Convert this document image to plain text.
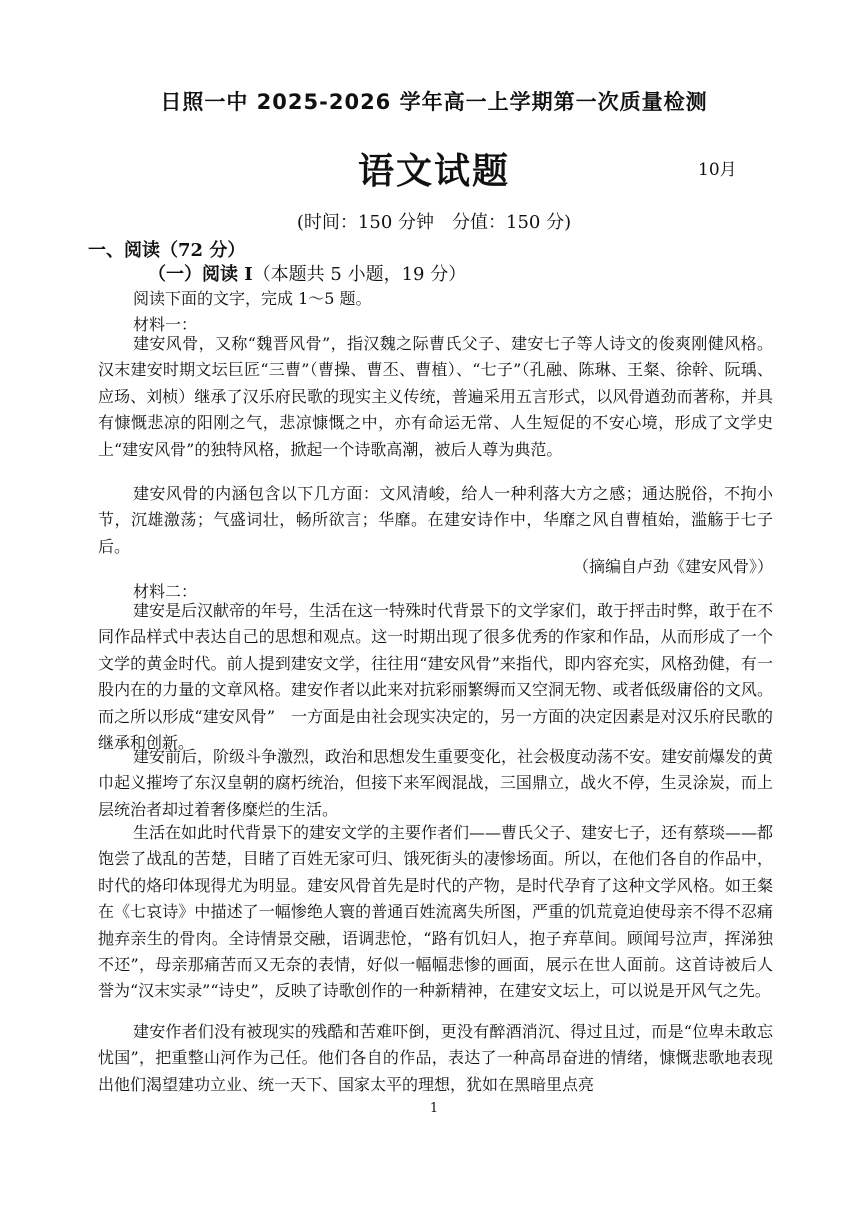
日照一中 2025-2026 学年高一上学期第一次质量检测
语文试题	10月
(时间：150 分钟　分值：150 分)
一、阅读（72 分）
（一）阅读 I（本题共 5 小题，19 分）
阅读下面的文字，完成 1～5 题。
材料一：

建安风骨，又称“魏晋风骨”，指汉魏之际曹氏父子、建安七子等人诗文的俊爽刚健风格。汉末建安时期文坛巨匠“三曹”（曹操、曹丕、曹植）、“七子”（孔融、陈琳、王粲、徐幹、阮瑀、应玚、刘桢）继承了汉乐府民歌的现实主义传统，普遍采用五言形式，以风骨遒劲而著称，并具有慷慨悲凉的阳刚之气，悲凉慷慨之中，亦有命运无常、人生短促的不安心境，形成了文学史上“建安风骨”的独特风格，掀起一个诗歌高潮，被后人尊为典范。

建安风骨的内涵包含以下几方面：文风清峻，给人一种利落大方之感；通达脱俗，不拘小节，沉雄激荡；气盛词壮，畅所欲言；华靡。在建安诗作中，华靡之风自曹植始，滥觞于七子后。

（摘编自卢劲《建安风骨》）
材料二：

建安是后汉献帝的年号，生活在这一特殊时代背景下的文学家们，敢于抨击时弊，敢于在不同作品样式中表达自己的思想和观点。这一时期出现了很多优秀的作家和作品，从而形成了一个文学的黄金时代。前人提到建安文学，往往用“建安风骨”来指代，即内容充实，风格劲健，有一股内在的力量的文章风格。建安作者以此来对抗彩丽繁缛而又空洞无物、或者低级庸俗的文风。而之所以形成“建安风骨”　一方面是由社会现实决定的，另一方面的决定因素是对汉乐府民歌的继承和创新。

建安前后，阶级斗争激烈，政治和思想发生重要变化，社会极度动荡不安。建安前爆发的黄巾起义摧垮了东汉皇朝的腐朽统治，但接下来军阀混战，三国鼎立，战火不停，生灵涂炭，而上层统治者却过着奢侈糜烂的生活。

生活在如此时代背景下的建安文学的主要作者们——曹氏父子、建安七子，还有蔡琰——都饱尝了战乱的苦楚，目睹了百姓无家可归、饿死街头的凄惨场面。所以，在他们各自的作品中，时代的烙印体现得尤为明显。建安风骨首先是时代的产物，是时代孕育了这种文学风格。如王粲在《七哀诗》中描述了一幅惨绝人寰的普通百姓流离失所图，严重的饥荒竟迫使母亲不得不忍痛抛弃亲生的骨肉。全诗情景交融，语调悲怆，“路有饥妇人，抱子弃草间。顾闻号泣声，挥涕独不还”，母亲那痛苦而又无奈的表情，好似一幅幅悲惨的画面，展示在世人面前。这首诗被后人誉为“汉末实录”“诗史”，反映了诗歌创作的一种新精神，在建安文坛上，可以说是开风气之先。

建安作者们没有被现实的残酷和苦难吓倒，更没有醉酒消沉、得过且过，而是“位卑未敢忘忧国”，把重整山河作为己任。他们各自的作品，表达了一种高昂奋进的情绪，慷慨悲歌地表现出他们渴望建功立业、统一天下、国家太平的理想，犹如在黑暗里点亮

1
